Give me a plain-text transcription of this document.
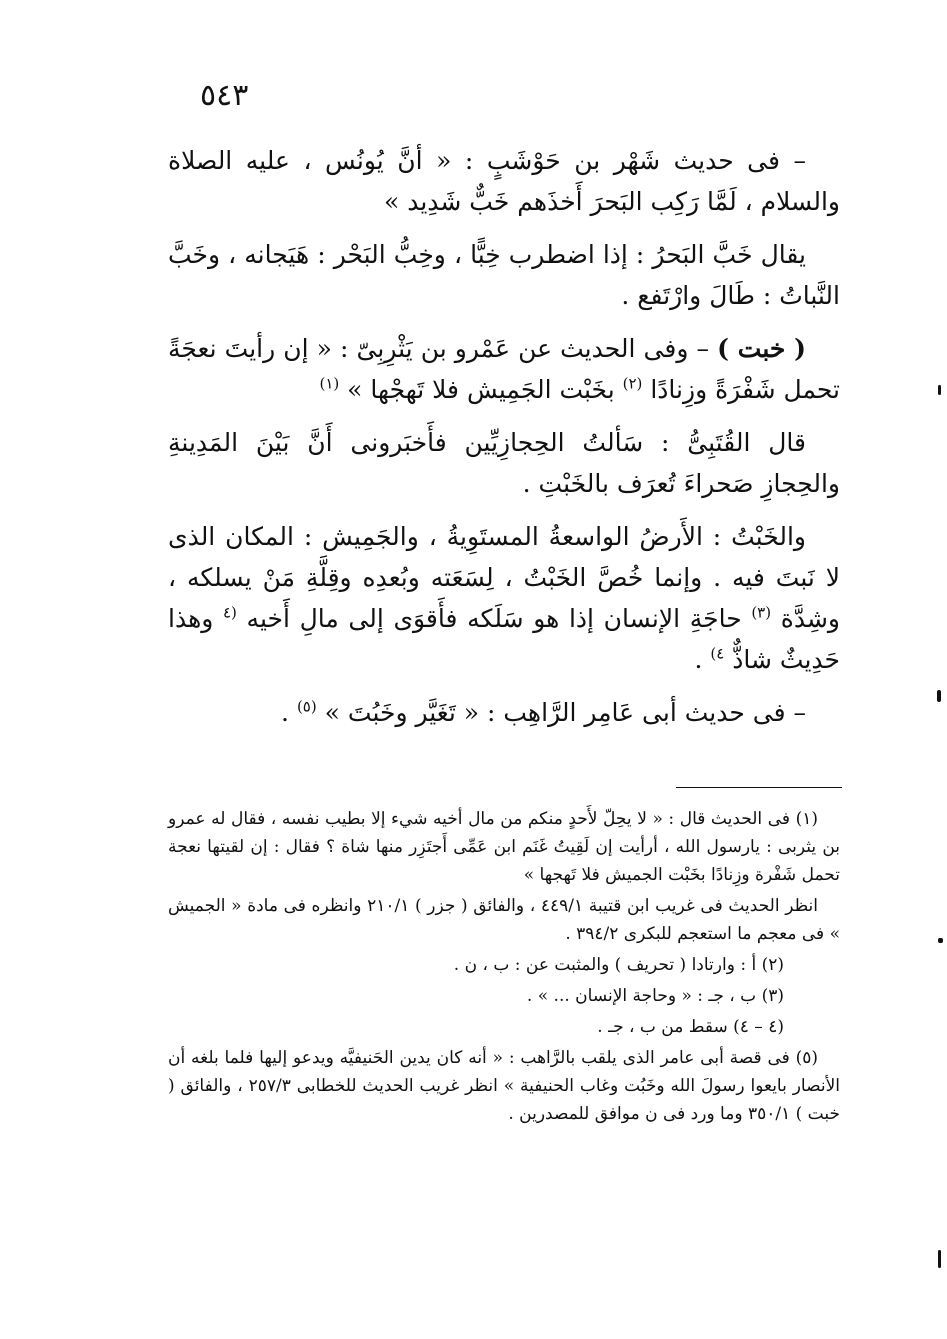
٥٤٣

– فى حديث شَهْر بن حَوْشَبٍ : « أنَّ يُونُس ، عليه الصلاة والسلام ، لَمَّا رَكِب البَحرَ أَخذَهم خَبٌّ شَدِيد »

يقال خَبَّ البَحرُ : إذا اضطرب خِبًّا ، وخِبُّ البَحْر : هَيَجانه ، وخَبَّ النَّباتُ : طَالَ وارْتَفع .

( خبت ) – وفى الحديث عن عَمْرو بن يَثْرِبِىّ : « إن رأيتَ نعجَةً تحمل شَفْرَةً وزِنادًا $^{(٢)}$ بخَبْت الجَمِيش فلا تَهجْها » $^{(١)}$

قال القُتَبِىُّ : سَألتُ الحِجازِيِّين فأَخبَرونى أَنَّ بَيْنَ المَدِينةِ والحِجازِ صَحراءَ تُعرَف بالخَبْتِ .

والخَبْتُ : الأَرضُ الواسعةُ المستَوِيةُ ، والجَمِيش : المكان الذى لا نَبتَ فيه . وإنما خُصَّ الخَبْتُ ، لِسَعَته وبُعدِه وقِلَّةِ مَنْ يسلكه ، وشِدَّة $^{(٣)}$ حاجَةِ الإنسان إذا هو سَلَكه فأَقوَى إلى مالِ أَخيه $^{(٤}$ وهذا حَدِيثٌ شاذٌّ $^{٤)}$ .

– فى حديث أبى عَامِر الرَّاهِب : « تَغَيَّر وخَبُتَ » $^{(٥)}$ .

(١) فى الحديث قال : « لا يحِلّ لأَحدٍ منكم من مال أخيه شيء إلا بطيب نفسه ، فقال له عمرو بن يثربى : يارسول الله ، أرأيت إن لَقِيتُ غَنَم ابن عَمِّى أَجتَزِر منها شاة ؟ فقال : إن لقيتها نعجة تحمل شَفْرة وزِنادًا بخَبْت الجميش فلا تَهجها »

انظر الحديث فى غريب ابن قتيبة ٤٤٩/١ ، والفائق ( جزر ) ٢١٠/١ وانظره فى مادة « الجميش » فى معجم ما استعجم للبكرى ٣٩٤/٢ .

(٢) أ : وارتادا ( تحريف ) والمثبت عن : ب ، ن .

(٣) ب ، جـ : « وحاجة الإنسان ... » .

(٤ – ٤) سقط من ب ، جـ .

(٥) فى قصة أبى عامر الذى يلقب بالرَّاهب : « أنه كان يدين الحَنيفيَّه ويدعو إليها فلما بلغه أن الأنصار بايعوا رسولَ الله وخَبُت وغاب الحنيفية » انظر غريب الحديث للخطابى ٢٥٧/٣ ، والفائق ( خبت ) ٣٥٠/١ وما ورد فى ن موافق للمصدرين .
